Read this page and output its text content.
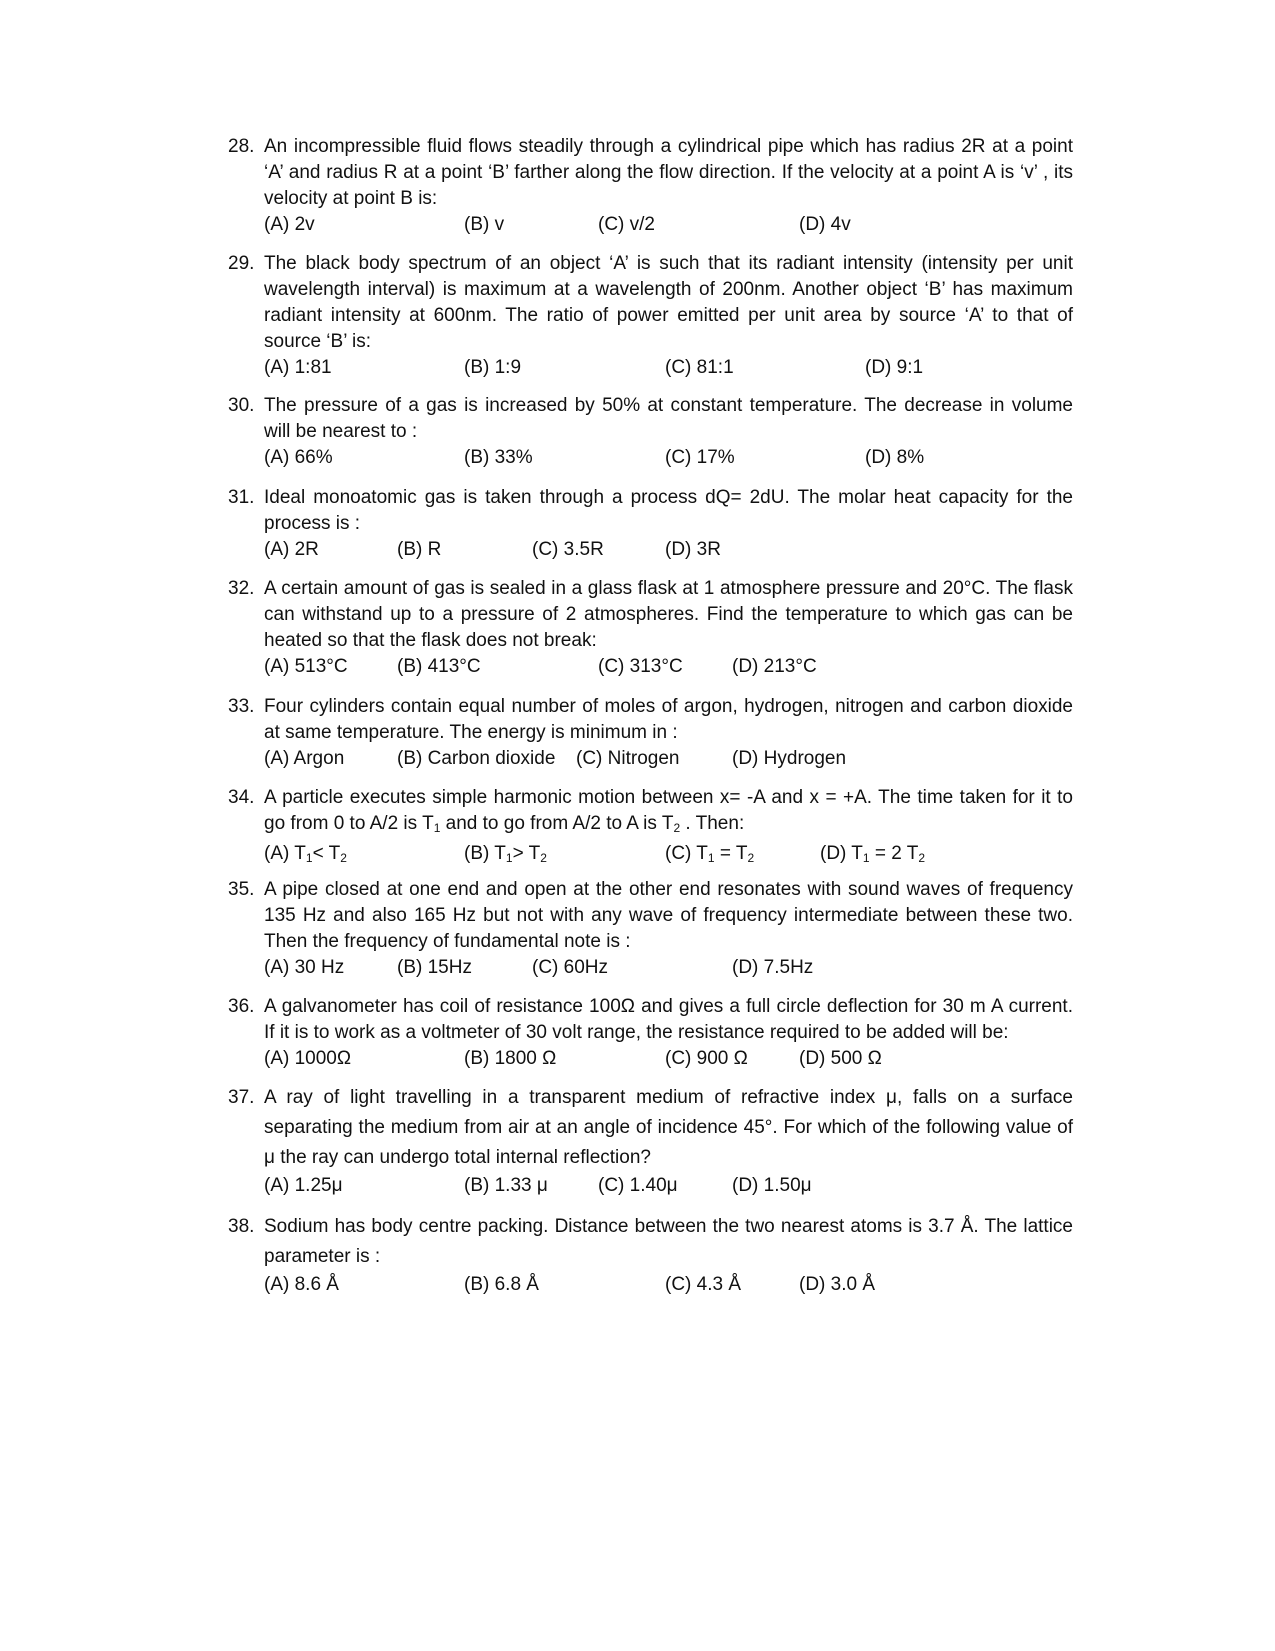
28. An incompressible fluid flows steadily through a cylindrical pipe which has radius 2R at a point ‘A’ and radius R at a point ‘B’ farther along the flow direction. If the velocity at a point A is ‘v’ , its velocity at point B is:
(A) 2v	(B) v	(C) v/2	(D) 4v
29. The black body spectrum of an object ‘A’ is such that its radiant intensity (intensity per unit wavelength interval) is maximum at a wavelength of 200nm. Another object ‘B’ has maximum radiant intensity at 600nm. The ratio of power emitted per unit area by source ‘A’ to that of source ‘B’ is:
(A) 1:81	(B) 1:9	(C) 81:1	(D) 9:1
30. The pressure of a gas is increased by 50% at constant temperature. The decrease in volume will be nearest to :
(A) 66%	(B) 33%	(C) 17%	(D) 8%
31. Ideal monoatomic gas is taken through a process dQ= 2dU. The molar heat capacity for the process is :
(A) 2R	(B) R	(C) 3.5R	(D) 3R
32. A certain amount of gas is sealed in a glass flask at 1 atmosphere pressure and 20°C. The flask can withstand up to a pressure of 2 atmospheres. Find the temperature to which gas can be heated so that the flask does not break:
(A) 513°C	(B) 413°C	(C) 313°C	(D) 213°C
33. Four cylinders contain equal number of moles of argon, hydrogen, nitrogen and carbon dioxide at same temperature. The energy is minimum in :
(A) Argon	(B) Carbon dioxide (C) Nitrogen	(D) Hydrogen
34. A particle executes simple harmonic motion between x= -A and x = +A. The time taken for it to go from 0 to A/2 is $T_1$ and to go from A/2 to A is $T_2$ . Then:
(A) $T_1< T_2$	(B) $T_1> T_2$	(C) $T_1 = T_2$	(D) $T_1 = 2$ $T_2$
35. A pipe closed at one end and open at the other end resonates with sound waves of frequency 135 Hz and also 165 Hz but not with any wave of frequency intermediate between these two. Then the frequency of fundamental note is :
(A) 30 Hz	(B) 15Hz	(C) 60Hz	(D) 7.5Hz
36. A galvanometer has coil of resistance 100Ω and gives a full circle deflection for 30 m A current. If it is to work as a voltmeter of 30 volt range, the resistance required to be added will be:
(A) 1000Ω	(B) 1800 Ω	(C) 900 Ω	(D) 500 Ω
37. A ray of light travelling in a transparent medium of refractive index μ, falls on a surface separating the medium from air at an angle of incidence 45°. For which of the following value of μ the ray can undergo total internal reflection?
(A) 1.25μ	(B) 1.33 μ	(C) 1.40μ	(D) 1.50μ
38. Sodium has body centre packing. Distance between the two nearest atoms is 3.7 Å. The lattice parameter is :
(A) 8.6 Å	(B) 6.8 Å	(C) 4.3 Å	(D) 3.0 Å
